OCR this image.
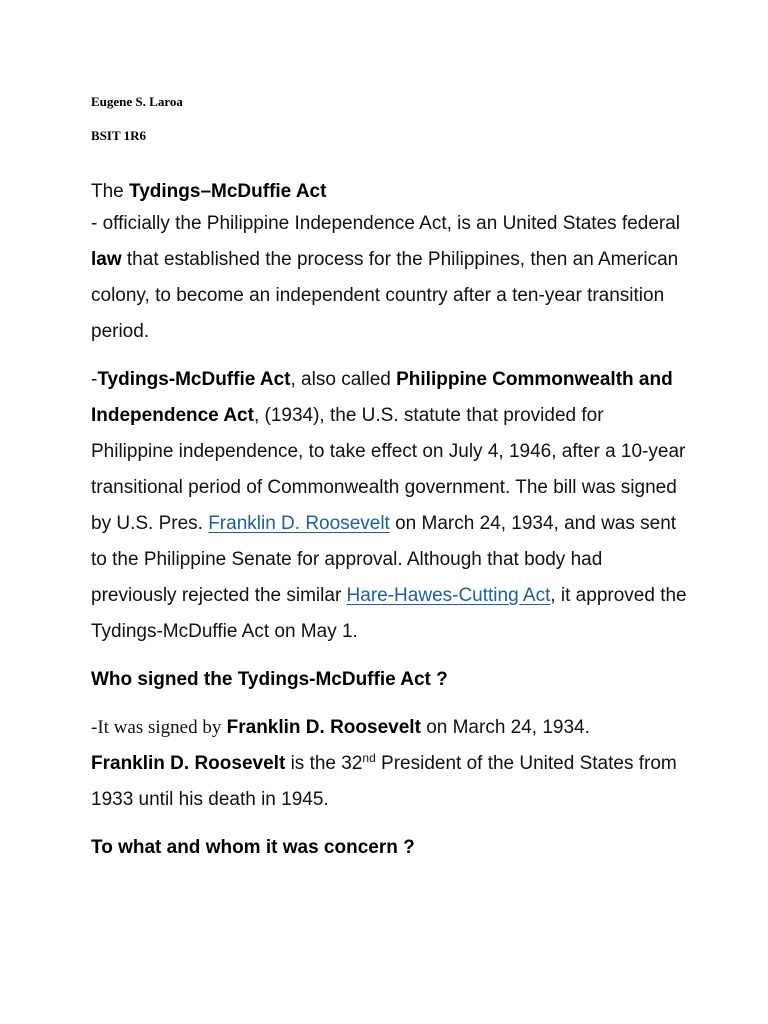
Eugene S. Laroa

BSIT 1R6

The Tydings–McDuffie Act

- officially the Philippine Independence Act, is an United States federal law that established the process for the Philippines, then an American colony, to become an independent country after a ten-year transition period.

-Tydings-McDuffie Act, also called Philippine Commonwealth and Independence Act, (1934), the U.S. statute that provided for Philippine independence, to take effect on July 4, 1946, after a 10-year transitional period of Commonwealth government. The bill was signed by U.S. Pres. Franklin D. Roosevelt on March 24, 1934, and was sent to the Philippine Senate for approval. Although that body had previously rejected the similar Hare-Hawes-Cutting Act, it approved the Tydings-McDuffie Act on May 1.

Who signed the Tydings-McDuffie Act ?

-It was signed by Franklin D. Roosevelt on March 24, 1934.
Franklin D. Roosevelt is the 32nd President of the United States from 1933 until his death in 1945.

To what and whom it was concern ?
